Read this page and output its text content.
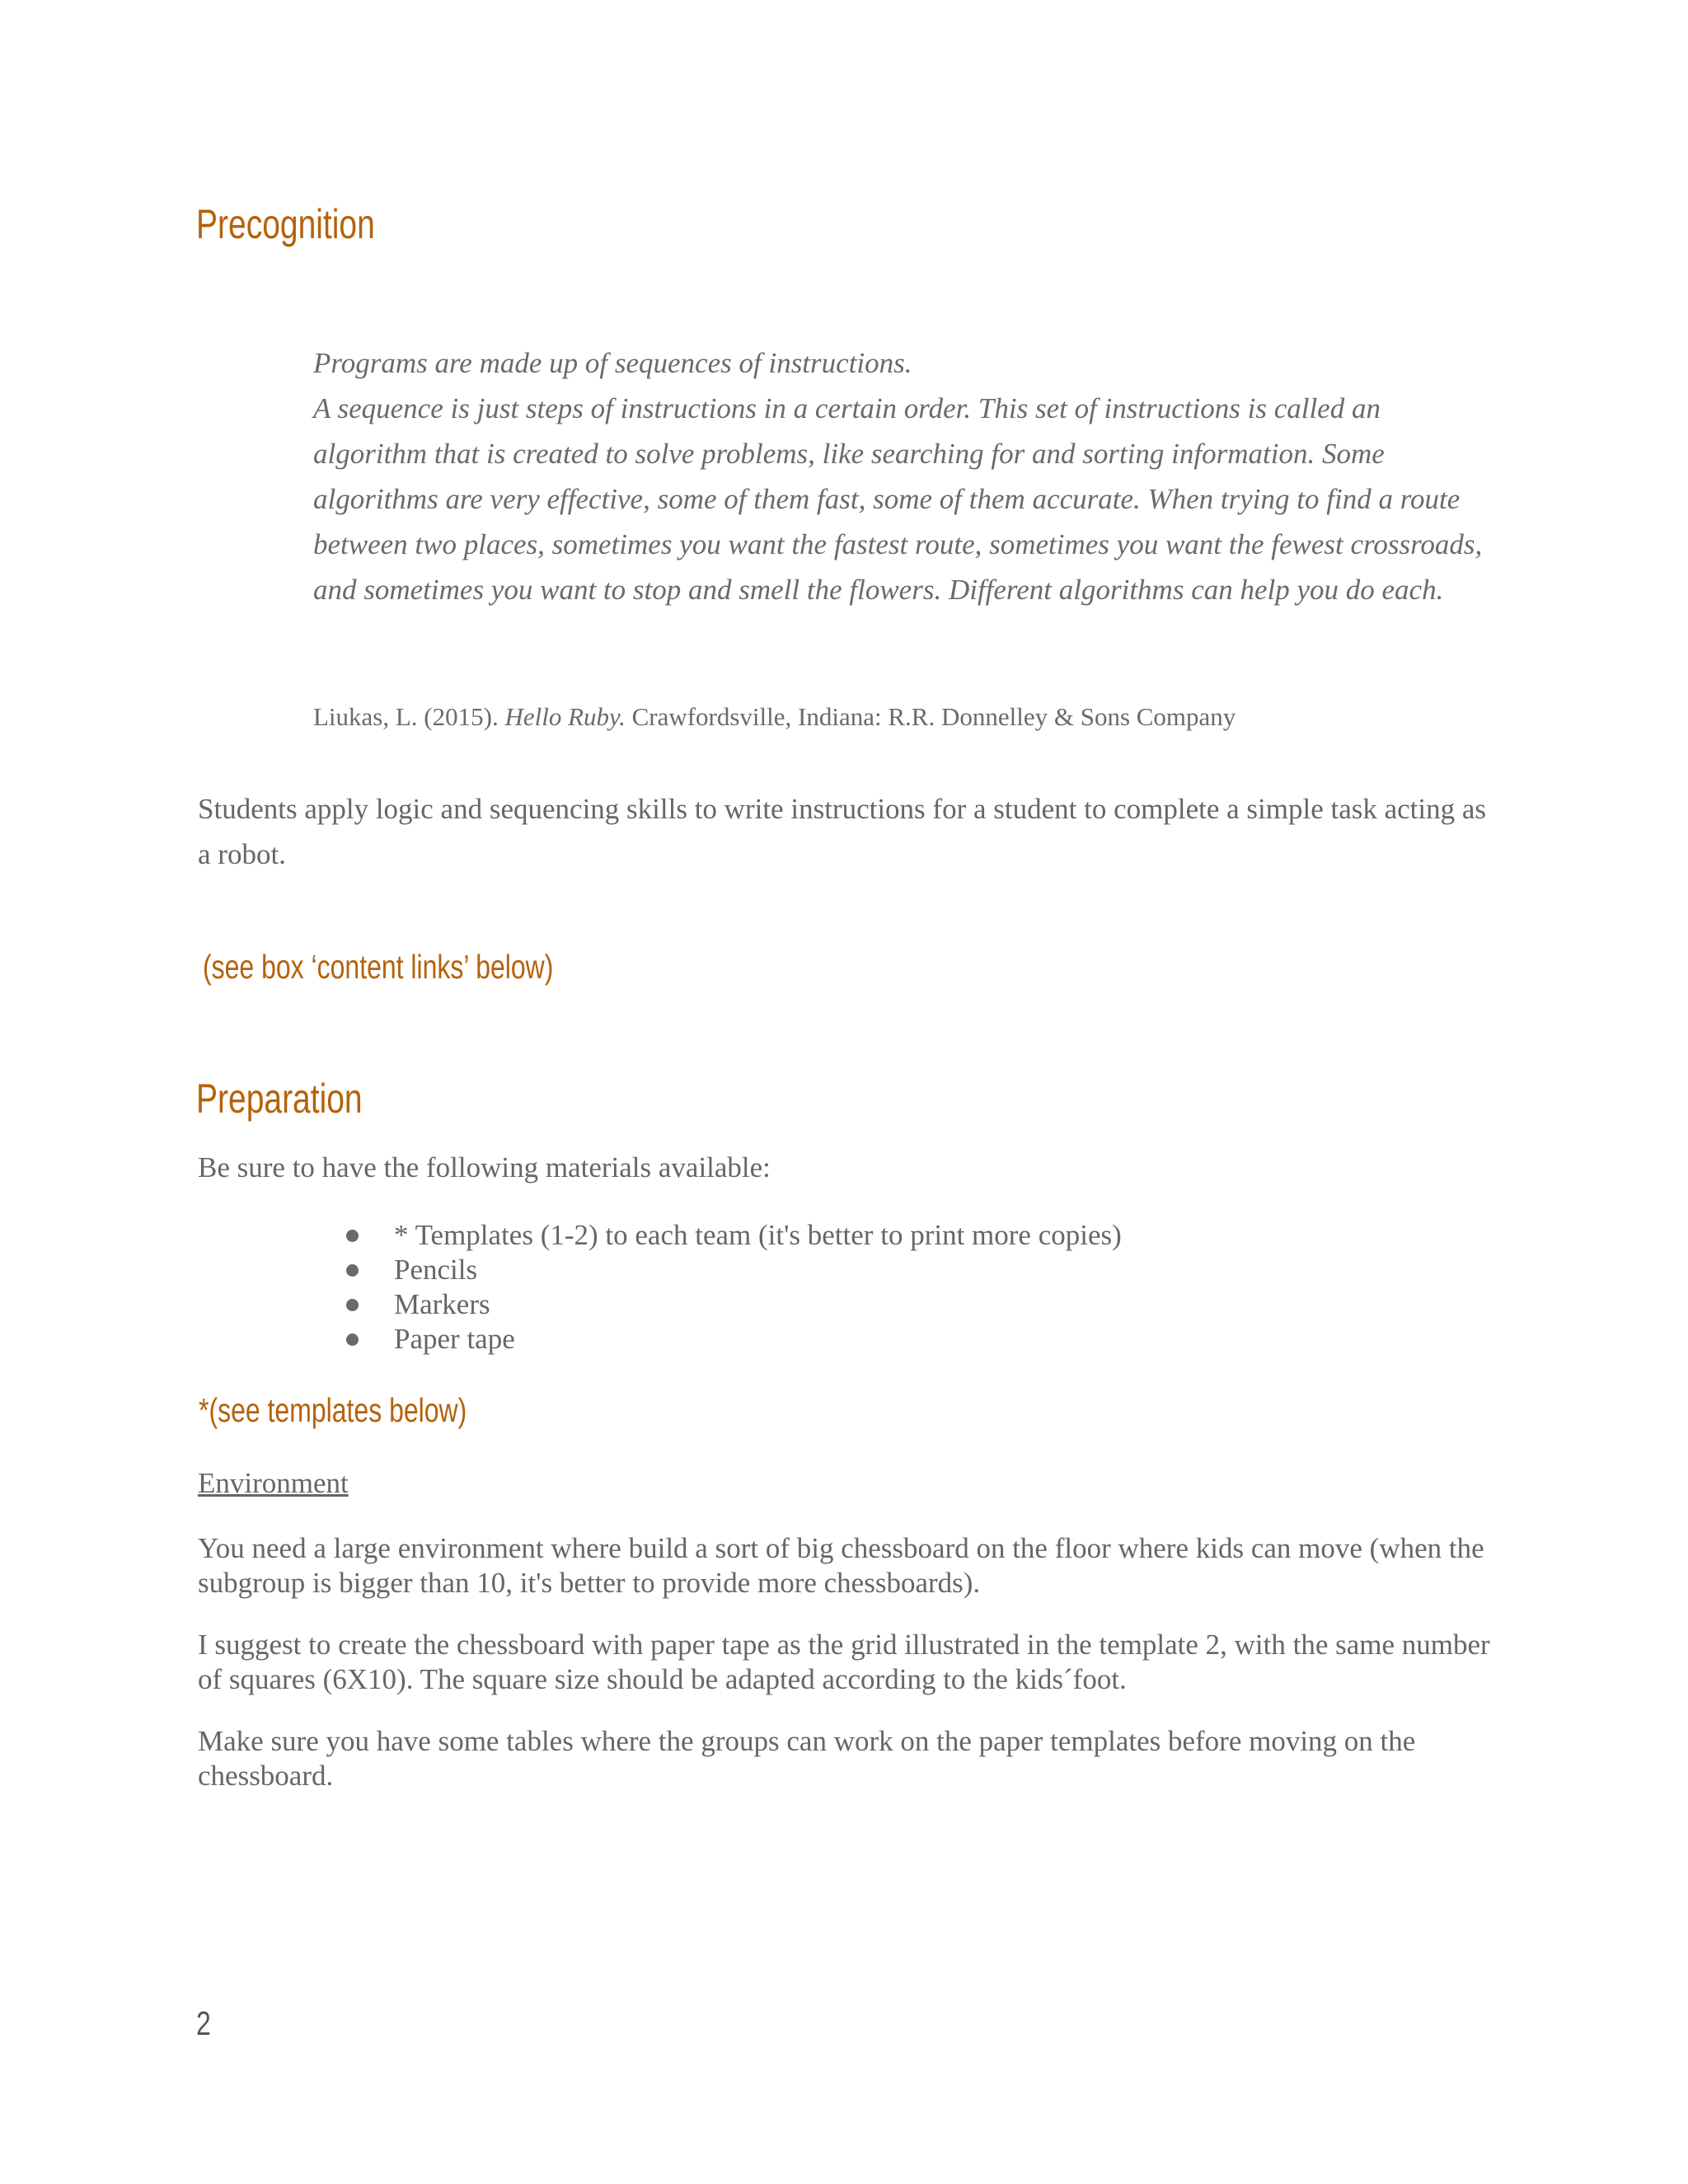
Precognition

Programs are made up of sequences of instructions.

A sequence is just steps of instructions in a certain order. This set of instructions is called an algorithm that is created to solve problems, like searching for and sorting information. Some algorithms are very effective, some of them fast, some of them accurate. When trying to find a route between two places, sometimes you want the fastest route, sometimes you want the fewest crossroads, and sometimes you want to stop and smell the flowers. Different algorithms can help you do each.

Liukas, L. (2015). Hello Ruby. Crawfordsville, Indiana: R.R. Donnelley & Sons Company

Students apply logic and sequencing skills to write instructions for a student to complete a simple task acting as a robot.

(see box ‘content links’ below)
Preparation

Be sure to have the following materials available:

* Templates (1-2) to each team (it's better to print more copies)
Pencils
Markers
Paper tape
*(see templates below)

Environment

You need a large environment where build a sort of big chessboard on the floor where kids can move (when the subgroup is bigger than 10, it's better to provide more chessboards).

I suggest to create the chessboard with paper tape as the grid illustrated in the template 2, with the same number of squares (6X10). The square size should be adapted according to the kids´foot.

Make sure you have some tables where the groups can work on the paper templates before moving on the chessboard.

2
